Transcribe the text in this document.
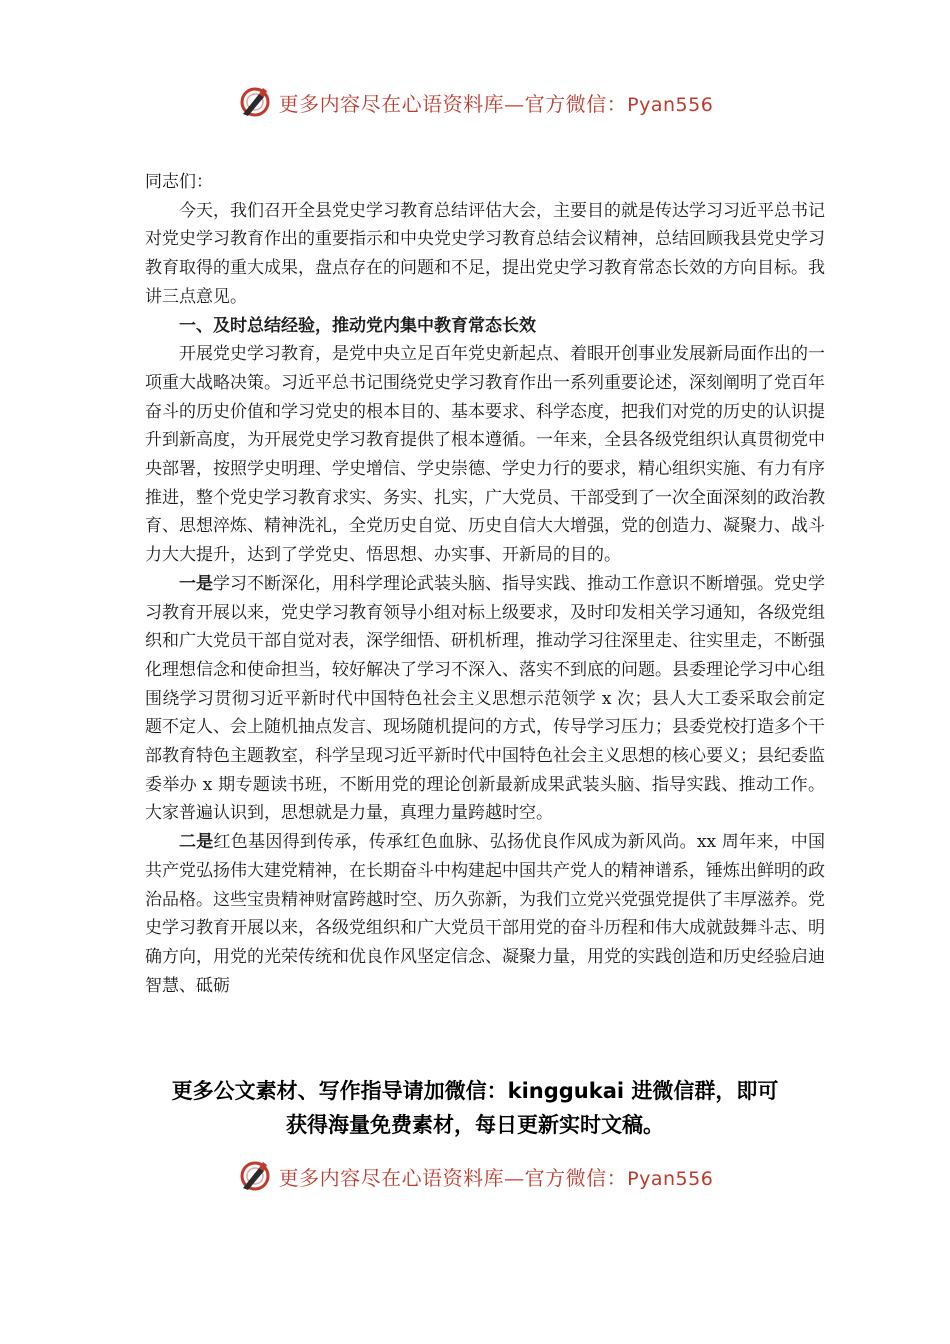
更多内容尽在心语资料库—官方微信：Pyan556

同志们：

今天，我们召开全县党史学习教育总结评估大会，主要目的就是传达学习习近平总书记对党史学习教育作出的重要指示和中央党史学习教育总结会议精神，总结回顾我县党史学习教育取得的重大成果，盘点存在的问题和不足，提出党史学习教育常态长效的方向目标。我讲三点意见。

一、及时总结经验，推动党内集中教育常态长效

开展党史学习教育，是党中央立足百年党史新起点、着眼开创事业发展新局面作出的一项重大战略决策。习近平总书记围绕党史学习教育作出一系列重要论述，深刻阐明了党百年奋斗的历史价值和学习党史的根本目的、基本要求、科学态度，把我们对党的历史的认识提升到新高度，为开展党史学习教育提供了根本遵循。一年来，全县各级党组织认真贯彻党中央部署，按照学史明理、学史增信、学史崇德、学史力行的要求，精心组织实施、有力有序推进，整个党史学习教育求实、务实、扎实，广大党员、干部受到了一次全面深刻的政治教育、思想淬炼、精神洗礼，全党历史自觉、历史自信大大增强，党的创造力、凝聚力、战斗力大大提升，达到了学党史、悟思想、办实事、开新局的目的。

一是学习不断深化，用科学理论武装头脑、指导实践、推动工作意识不断增强。党史学习教育开展以来，党史学习教育领导小组对标上级要求，及时印发相关学习通知，各级党组织和广大党员干部自觉对表，深学细悟、研机析理，推动学习往深里走、往实里走，不断强化理想信念和使命担当，较好解决了学习不深入、落实不到底的问题。县委理论学习中心组围绕学习贯彻习近平新时代中国特色社会主义思想示范领学 x 次；县人大工委采取会前定题不定人、会上随机抽点发言、现场随机提问的方式，传导学习压力；县委党校打造多个干部教育特色主题教室，科学呈现习近平新时代中国特色社会主义思想的核心要义；县纪委监委举办 x 期专题读书班，不断用党的理论创新最新成果武装头脑、指导实践、推动工作。大家普遍认识到，思想就是力量，真理力量跨越时空。

二是红色基因得到传承，传承红色血脉、弘扬优良作风成为新风尚。xx 周年来，中国共产党弘扬伟大建党精神，在长期奋斗中构建起中国共产党人的精神谱系，锤炼出鲜明的政治品格。这些宝贵精神财富跨越时空、历久弥新，为我们立党兴党强党提供了丰厚滋养。党史学习教育开展以来，各级党组织和广大党员干部用党的奋斗历程和伟大成就鼓舞斗志、明确方向，用党的光荣传统和优良作风坚定信念、凝聚力量，用党的实践创造和历史经验启迪智慧、砥砺

更多公文素材、写作指导请加微信：kinggukai 进微信群，即可

获得海量免费素材，每日更新实时文稿。

更多内容尽在心语资料库—官方微信：Pyan556
